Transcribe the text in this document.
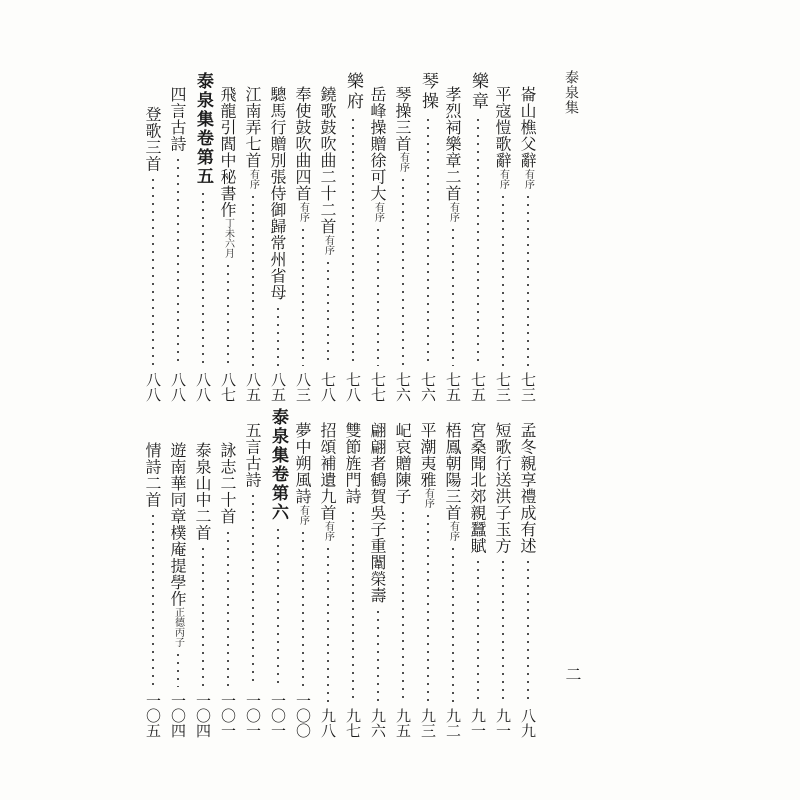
泰泉集
二
崙山樵父辭
有序
七三
平寇愷歌辭
有序
七三
樂章
七五
孝烈祠樂章二首
有序
七五
琴操
七六
琴操三首
有序
七六
岳峰操贈徐可大
有序
七七
樂府
七八
鐃歌鼓吹曲二十二首
有序
七八
奉使鼓吹曲四首
有序
八三
驄馬行贈別張侍御歸常州省母
八五
江南弄七首
有序
八五
飛龍引閻中秘書作
丁未六月
八七
泰泉集卷第五
八八
四言古詩
八八
登歌三首
八八
孟冬親享禮成有述
八九
短歌行送洪子玉方
九一
宮桑聞北郊親蠶賦
九一
梧鳳朝陽三首
有序
九二
平潮夷雅
有序
九三
屺哀贈陳子
九五
翩翩者鶴賀吳子重闈榮壽
九六
雙節旌門詩
九七
招頌補遺九首
有序
九八
夢中朔風詩
有序
一〇〇
泰泉集卷第六
一〇一
五言古詩
一〇一
詠志二十首
一〇一
泰泉山中二首
一〇四
遊南華同章樸庵提學作
正德丙子
一〇四
情詩二首
一〇五
